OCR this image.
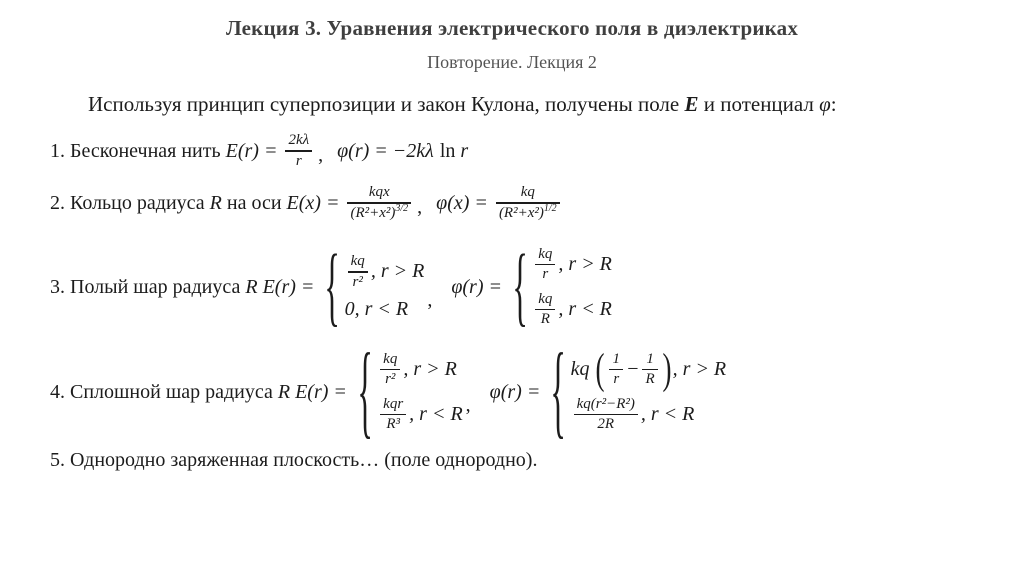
Лекция 3. Уравнения электрического поля в диэлектриках
Повторение. Лекция 2
Используя принцип суперпозиции и закон Кулона, получены поле E и потенциал φ:
1. Бесконечная нить $E(r) = \frac{2k\lambda}{r}$ , φ(r) = −2kλ ln r
2. Кольцо радиуса R на оси $E(x) = \frac{\text{kqx}}{(R^2+x^2)^{3/2}}$ , $\varphi(x) = \frac{kq}{(R^2+x^2)^{1/2}}$
3. Полый шар радиуса R E(r) = { $\frac{kq}{\text{r²}}$ , r > R
0, r < R ,
φ(r) = { $\frac{kq}{r}$ , r > R
$\frac{kq}{R}$ , r < R
4. Сплошной шар радиуса R E(r) = { $\frac{kq}{\text{r²}}$ , r > R
$\frac{\text{kqr}}{\text{R³}}$ , r < R ,
φ(r) = { kq ( $\frac{1}{r} - \frac{1}{R}$ ) , r > R
$\frac{\text{kq(r²−R²)}}{2R}$ , r < R
5. Однородно заряженная плоскость… (поле однородно).
